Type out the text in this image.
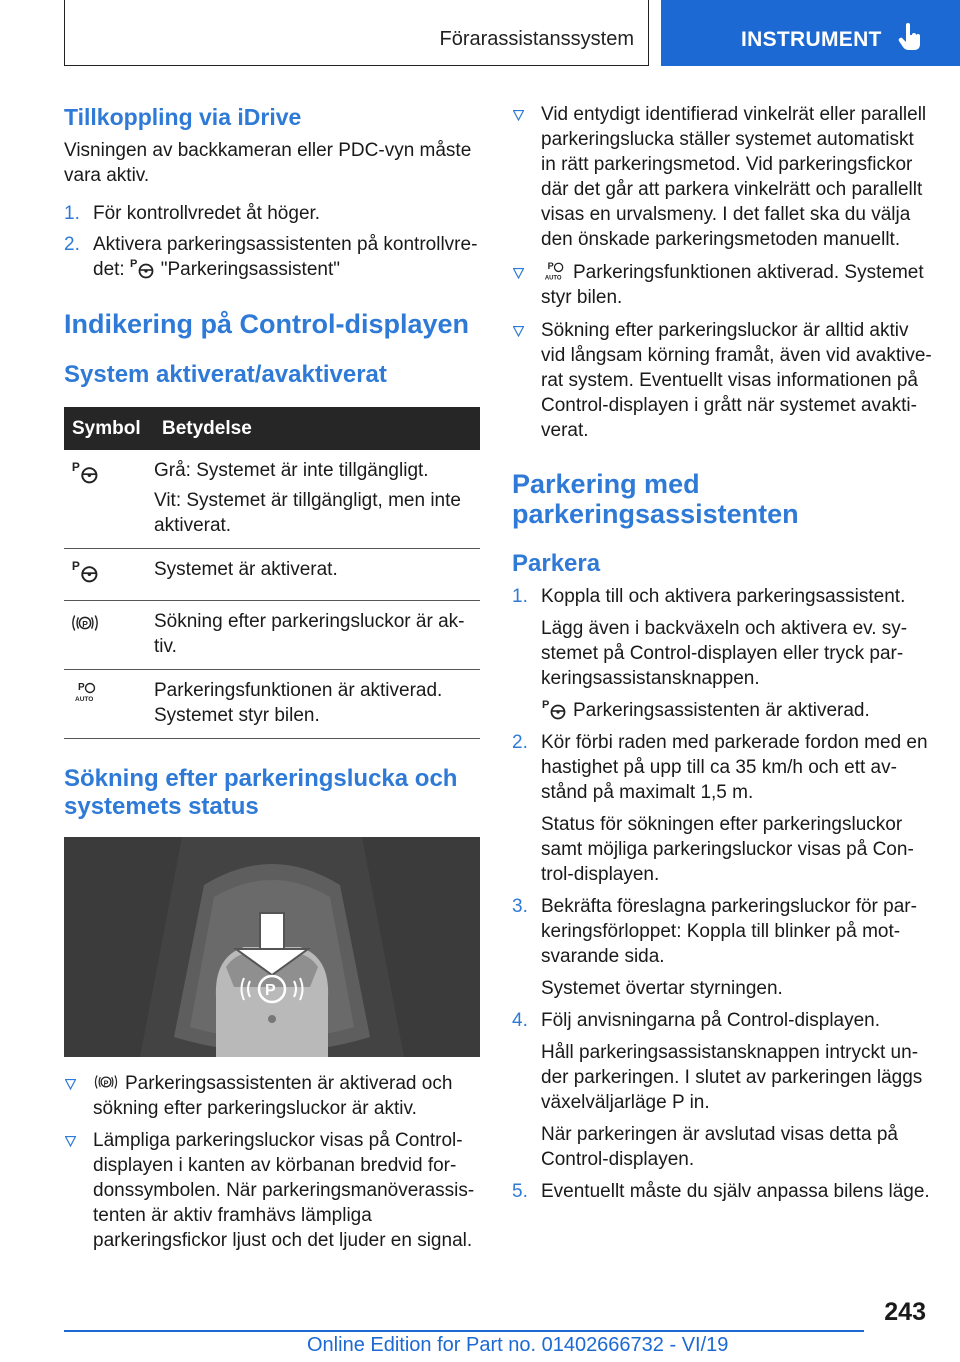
Förarassistanssystem	INSTRUMENT
Tillkoppling via iDrive
Visningen av backkameran eller PDC-vyn måste vara aktiv.
1. För kontrollvredet åt höger.
2. Aktivera parkeringsassistenten på kontrollvredet: "Parkeringsassistent"
Indikering på Control-displayen
System aktiverat/avaktiverat
Symbol	Betydelse
	Grå: Systemet är inte tillgängligt.
Vit: Systemet är tillgängligt, men inte aktiverat.

	Systemet är aktiverat.
	Sökning efter parkeringsluckor är aktiv.
	Parkeringsfunktionen är aktiverad. Systemet styr bilen.
Sökning efter parkeringslucka och systemets status
P
Parkeringsassistenten är aktiverad och sökning efter parkeringsluckor är aktiv.
Lämpliga parkeringsluckor visas på Control-displayen i kanten av körbanan bredvid fordonssymbolen. När parkeringsmanöverassistenten är aktiv framhävs lämpliga parkeringsfickor ljust och det ljuder en signal.
Vid entydigt identifierad vinkelrät eller parallell parkeringslucka ställer systemet automatiskt in rätt parkeringsmetod. Vid parkeringsfickor där det går att parkera vinkelrätt och parallellt visas en urvalsmeny. I det fallet ska du välja den önskade parkeringsmetoden manuellt.
Parkeringsfunktionen aktiverad. Systemet styr bilen.
Sökning efter parkeringsluckor är alltid aktiv vid långsam körning framåt, även vid avaktiverat system. Eventuellt visas informationen på Control-displayen i grått när systemet avaktiverat.
Parkering med parkeringsassistenten
Parkera
1. Koppla till och aktivera parkeringsassistent.
Lägg även i backväxeln och aktivera ev. systemet på Control-displayen eller tryck parkeringsassistansknappen.
Parkeringsassistenten är aktiverad.
2. Kör förbi raden med parkerade fordon med en hastighet på upp till ca 35 km/h och ett avstånd på maximalt 1,5 m.
Status för sökningen efter parkeringsluckor samt möjliga parkeringsluckor visas på Control-displayen.
3. Bekräfta föreslagna parkeringsluckor för parkeringsförloppet: Koppla till blinker på motsvarande sida.
Systemet övertar styrningen.
4. Följ anvisningarna på Control-displayen.
Håll parkeringsassistansknappen intryckt under parkeringen. I slutet av parkeringen läggs växelväljarläge P in.
När parkeringen är avslutad visas detta på Control-displayen.
5. Eventuellt måste du själv anpassa bilens läge.
243
Online Edition for Part no. 01402666732 - VI/19
